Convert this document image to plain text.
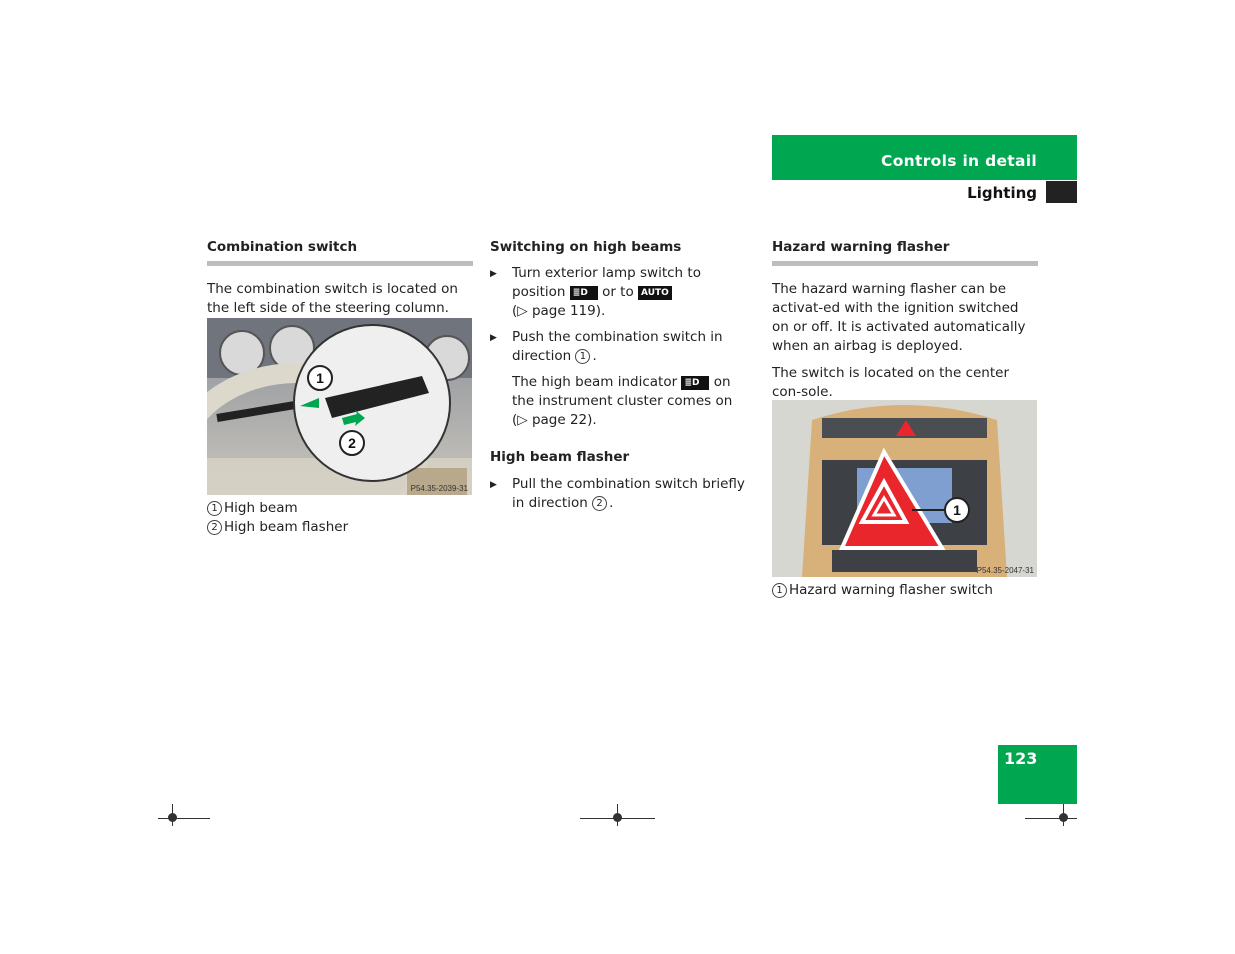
Controls in detail
Lighting
Combination switch

The combination switch is located on the left side of the steering column.

1
2
P54.35-2039-31
1 High beam
2 High beam flasher
Switching on high beams
▶ Turn exterior lamp switch to position ≣D or to AUTO
(▷ page 119).
▶ Push the combination switch in direction 1 .
The high beam indicator ≣D on the instrument cluster comes on
(▷ page 22).
High beam flasher
▶ Pull the combination switch briefly in direction 2 .
Hazard warning flasher

The hazard warning flasher can be activat-ed with the ignition switched on or off. It is activated automatically when an airbag is deployed.

The switch is located on the center con-sole.

1
P54.35-2047-31
1 Hazard warning flasher switch
123
